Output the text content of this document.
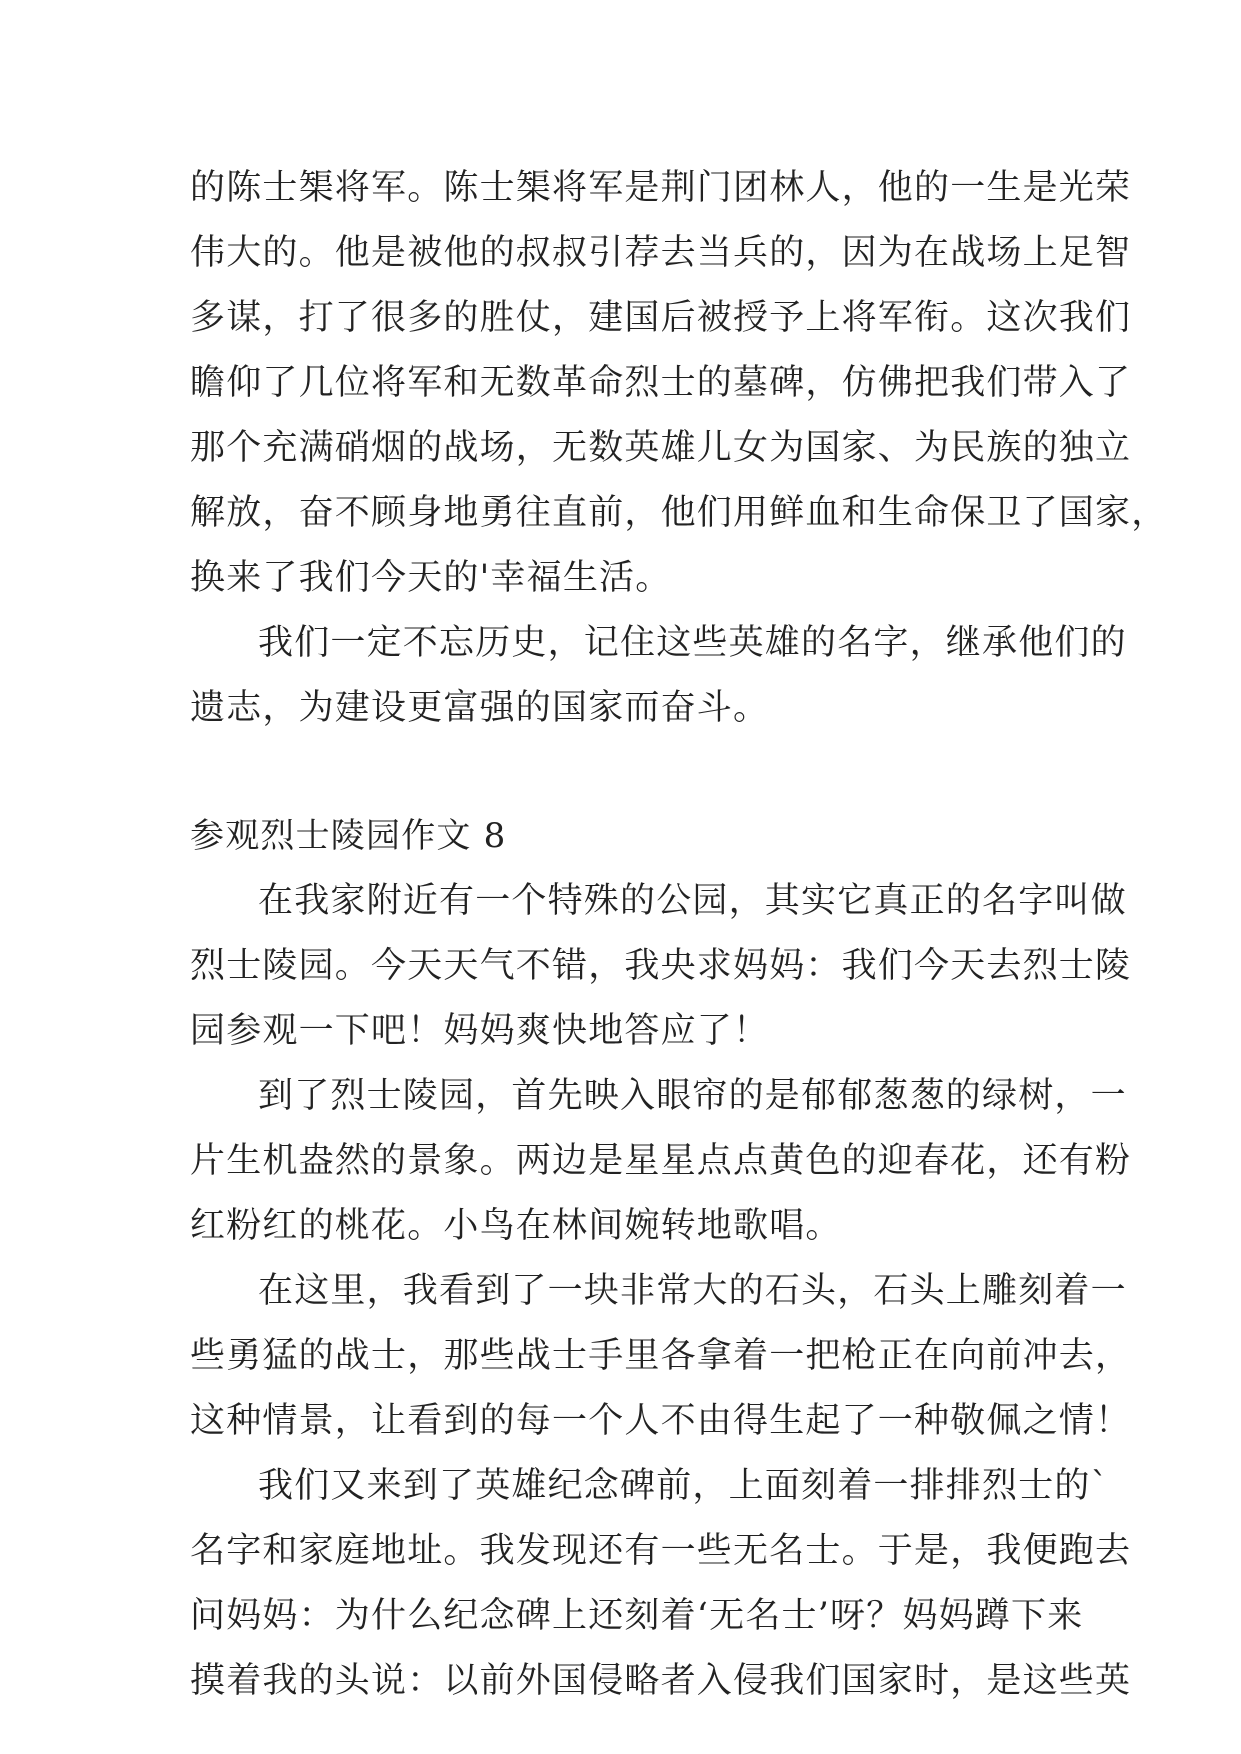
的陈士榘将军。陈士榘将军是荆门团林人，他的一生是光荣
伟大的。他是被他的叔叔引荐去当兵的，因为在战场上足智
多谋，打了很多的胜仗，建国后被授予上将军衔。这次我们
瞻仰了几位将军和无数革命烈士的墓碑，仿佛把我们带入了
那个充满硝烟的战场，无数英雄儿女为国家、为民族的独立
解放，奋不顾身地勇往直前，他们用鲜血和生命保卫了国家，
换来了我们今天的'幸福生活。
我们一定不忘历史，记住这些英雄的名字，继承他们的
遗志，为建设更富强的国家而奋斗。
参观烈士陵园作文 8
在我家附近有一个特殊的公园，其实它真正的名字叫做
烈士陵园。今天天气不错，我央求妈妈：我们今天去烈士陵
园参观一下吧！妈妈爽快地答应了！
到了烈士陵园，首先映入眼帘的是郁郁葱葱的绿树，一
片生机盎然的景象。两边是星星点点黄色的迎春花，还有粉
红粉红的桃花。小鸟在林间婉转地歌唱。
在这里，我看到了一块非常大的石头，石头上雕刻着一
些勇猛的战士，那些战士手里各拿着一把枪正在向前冲去，
这种情景，让看到的每一个人不由得生起了一种敬佩之情！
我们又来到了英雄纪念碑前，上面刻着一排排烈士的`
名字和家庭地址。我发现还有一些无名士。于是，我便跑去
问妈妈：为什么纪念碑上还刻着‘无名士’呀？妈妈蹲下来
摸着我的头说：以前外国侵略者入侵我们国家时，是这些英
